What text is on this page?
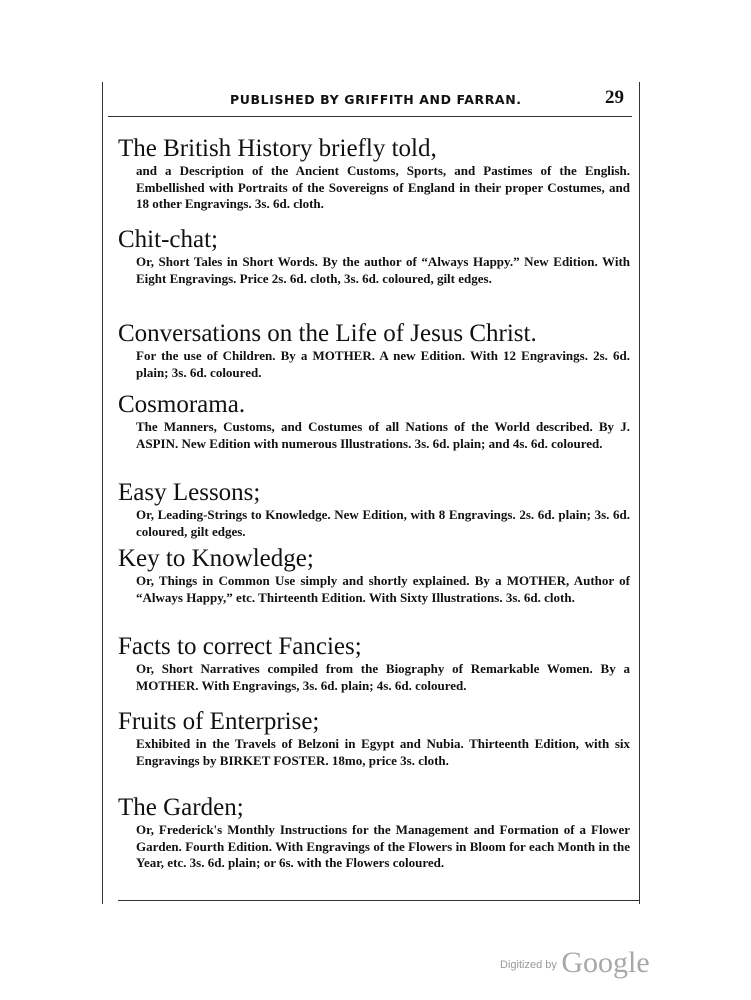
PUBLISHED BY GRIFFITH AND FARRAN.	29
The British History briefly told,
and a Description of the Ancient Customs, Sports, and Pastimes of the English. Embellished with Portraits of the Sovereigns of England in their proper Costumes, and 18 other Engravings. 3s. 6d. cloth.
Chit-chat;
Or, Short Tales in Short Words. By the author of “Always Happy.” New Edition. With Eight Engravings. Price 2s. 6d. cloth, 3s. 6d. coloured, gilt edges.
Conversations on the Life of Jesus Christ.
For the use of Children. By a MOTHER. A new Edition. With 12 Engravings. 2s. 6d. plain; 3s. 6d. coloured.
Cosmorama.
The Manners, Customs, and Costumes of all Nations of the World described. By J. ASPIN. New Edition with numerous Illustrations. 3s. 6d. plain; and 4s. 6d. coloured.
Easy Lessons;
Or, Leading-Strings to Knowledge. New Edition, with 8 Engravings. 2s. 6d. plain; 3s. 6d. coloured, gilt edges.
Key to Knowledge;
Or, Things in Common Use simply and shortly explained. By a MOTHER, Author of “Always Happy,” etc. Thirteenth Edition. With Sixty Illustrations. 3s. 6d. cloth.
Facts to correct Fancies;
Or, Short Narratives compiled from the Biography of Remarkable Women. By a MOTHER. With Engravings, 3s. 6d. plain; 4s. 6d. coloured.
Fruits of Enterprise;
Exhibited in the Travels of Belzoni in Egypt and Nubia. Thirteenth Edition, with six Engravings by BIRKET FOSTER. 18mo, price 3s. cloth.
The Garden;
Or, Frederick's Monthly Instructions for the Management and Formation of a Flower Garden. Fourth Edition. With Engravings of the Flowers in Bloom for each Month in the Year, etc. 3s. 6d. plain; or 6s. with the Flowers coloured.
$^{Digitized by}$ Google
